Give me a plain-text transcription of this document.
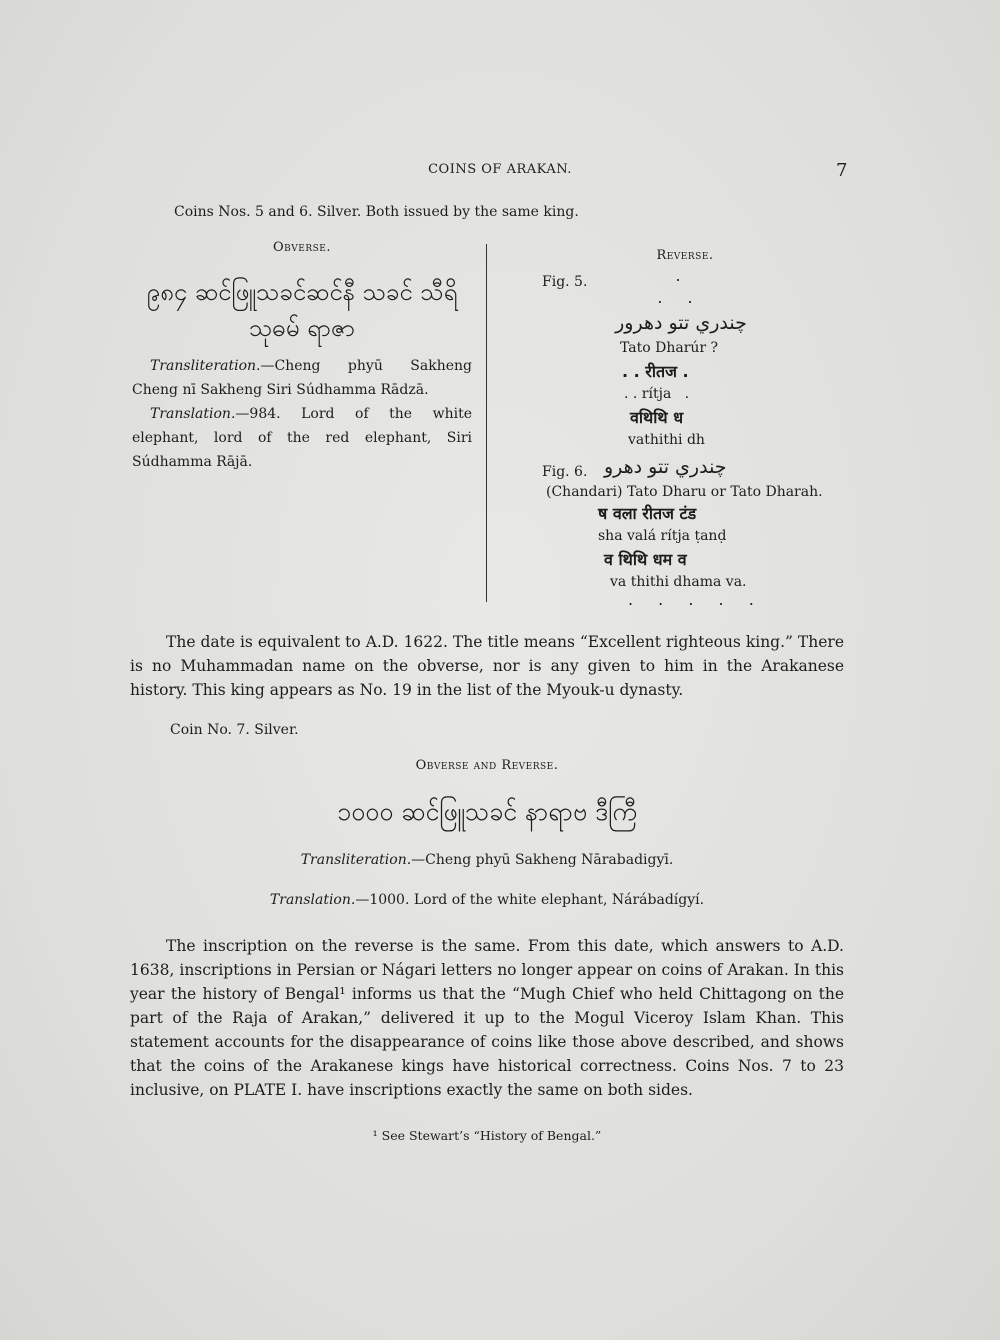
COINS OF ARAKAN.	7
Coins Nos. 5 and 6. Silver. Both issued by the same king.
Obverse.
၉၈၄ ဆင်ဖြူသခင်ဆင်နီ သခင် သီရိ
သုဓမ် ရာဇာ
Transliteration.—Cheng phyū Sakheng Cheng nī Sakheng Siri Súdhamma Rādzā.
Translation.—984. Lord of the white elephant, lord of the red elephant, Siri Súdhamma Rājā.
Reverse.
Fig. 5.	.
. .
چندري تتو دهرور
Tato Dharúr ?
. . रीतज .
. . rítja   .
वथिथि ध
vathithi dh
Fig. 6. چندري تتو دهرو
(Chandari) Tato Dharu or Tato Dharah.
ष वला रीतज टंड
sha valá rítja ṭanḍ
व थिथि धम व
va thithi dhama va.
. . . . .
The date is equivalent to A.D. 1622. The title means “Excellent righteous king.” There is no Muhammadan name on the obverse, nor is any given to him in the Arakanese history. This king appears as No. 19 in the list of the Myouk-u dynasty.
Coin No. 7. Silver.
Obverse and Reverse.
၁၀၀၀ ဆင်ဖြူသခင် နာရာဗ ဒီကြီ
Transliteration.—Cheng phyū Sakheng Nārabadigyī.
Translation.—1000. Lord of the white elephant, Nárábadígyí.
The inscription on the reverse is the same. From this date, which answers to A.D. 1638, inscriptions in Persian or Nágari letters no longer appear on coins of Arakan. In this year the history of Bengal¹ informs us that the “Mugh Chief who held Chittagong on the part of the Raja of Arakan,” delivered it up to the Mogul Viceroy Islam Khan. This statement accounts for the disappearance of coins like those above described, and shows that the coins of the Arakanese kings have historical correctness. Coins Nos. 7 to 23 inclusive, on PLATE I. have inscriptions exactly the same on both sides.
¹ See Stewart’s “History of Bengal.”
